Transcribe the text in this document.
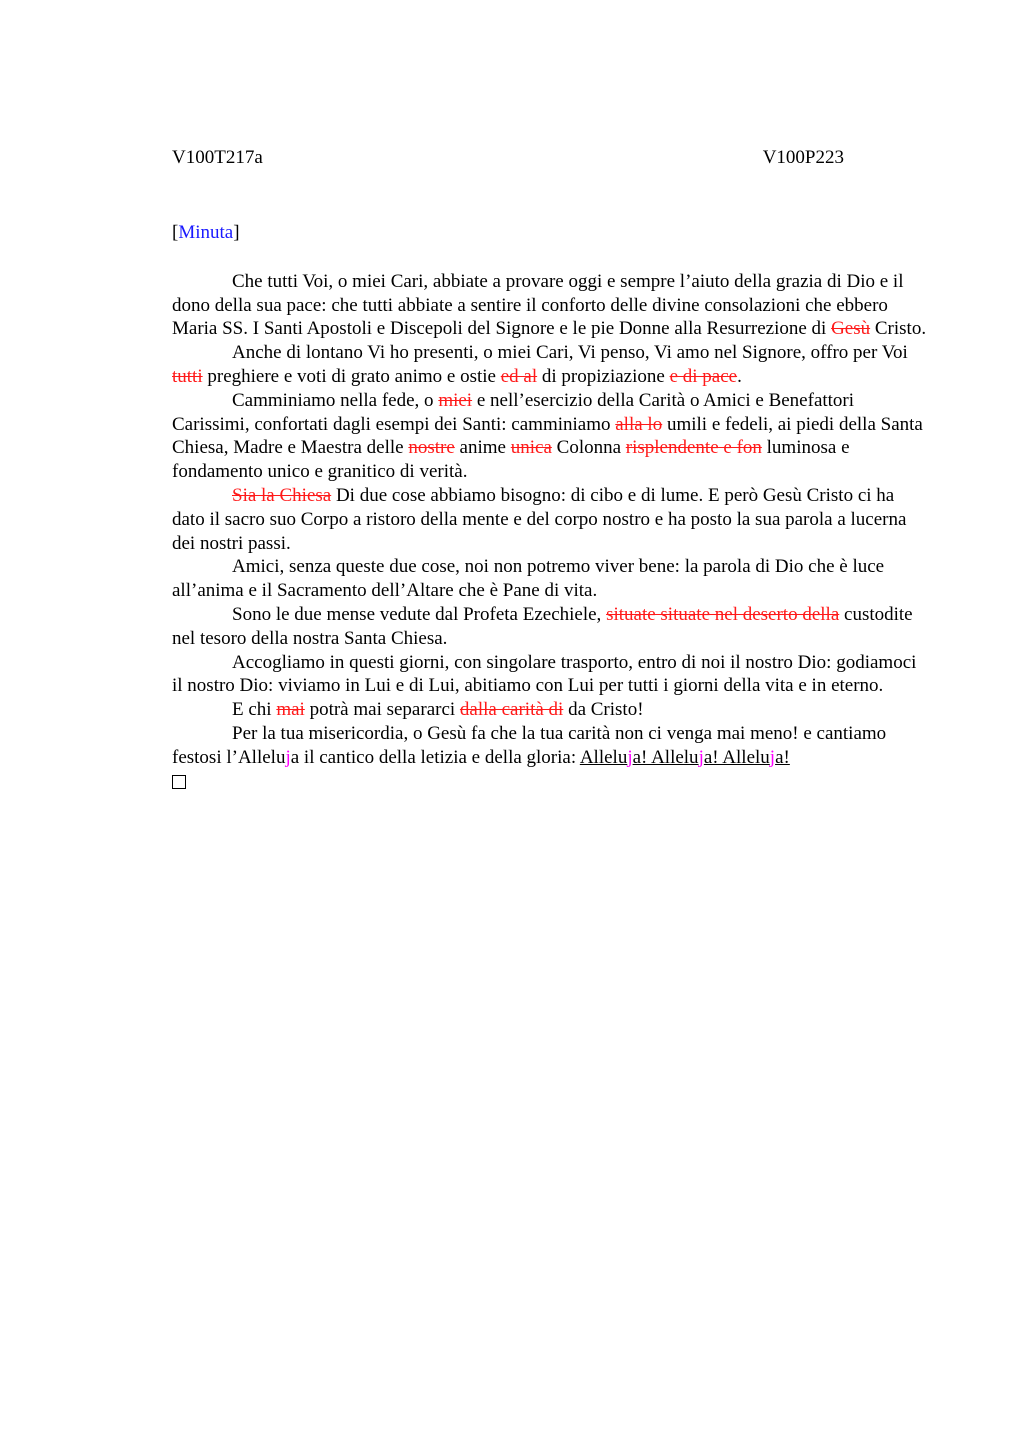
V100T217a	V100P223
[Minuta]

Che tutti Voi, o miei Cari, abbiate a provare oggi e sempre l’aiuto della grazia di Dio e il dono della sua pace: che tutti abbiate a sentire il conforto delle divine consolazioni che ebbero Maria SS. I Santi Apostoli e Discepoli del Signore e le pie Donne alla Resurrezione di Gesù Cristo.

Anche di lontano Vi ho presenti, o miei Cari, Vi penso, Vi amo nel Signore, offro per Voi tutti preghiere e voti di grato animo e ostie ed al di propiziazione e di pace.

Camminiamo nella fede, o miei e nell’esercizio della Carità o Amici e Benefattori Carissimi, confortati dagli esempi dei Santi: camminiamo alla lo umili e fedeli, ai piedi della Santa Chiesa, Madre e Maestra delle nostre anime unica Colonna risplendente e fon luminosa e fondamento unico e granitico di verità.

Sia la Chiesa Di due cose abbiamo bisogno: di cibo e di lume. E però Gesù Cristo ci ha dato il sacro suo Corpo a ristoro della mente e del corpo nostro e ha posto la sua parola a lucerna dei nostri passi.

Amici, senza queste due cose, noi non potremo viver bene: la parola di Dio che è luce all’anima e il Sacramento dell’Altare che è Pane di vita.

Sono le due mense vedute dal Profeta Ezechiele, situate situate nel deserto della custodite nel tesoro della nostra Santa Chiesa.

Accogliamo in questi giorni, con singolare trasporto, entro di noi il nostro Dio: godiamoci il nostro Dio: viviamo in Lui e di Lui, abitiamo con Lui per tutti i giorni della vita e in eterno.

E chi mai potrà mai separarci dalla carità di da Cristo!

Per la tua misericordia, o Gesù fa che la tua carità non ci venga mai meno! e cantiamo festosi l’Alleluja il cantico della letizia e della gloria: Alleluja! Alleluja! Alleluja!
